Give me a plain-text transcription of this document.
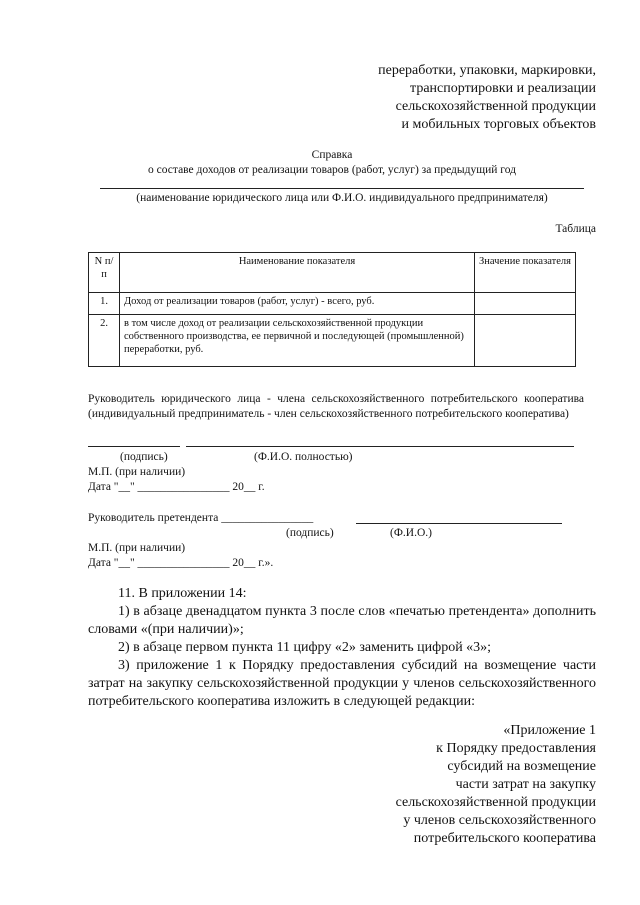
переработки, упаковки, маркировки,
транспортировки и реализации
сельскохозяйственной продукции
и мобильных торговых объектов
Справка
о составе доходов от реализации товаров (работ, услуг) за предыдущий год
(наименование юридического лица или Ф.И.О. индивидуального предпринимателя)
Таблица
N п/п	Наименование показателя	Значение показателя
1.	Доход от реализации товаров (работ, услуг) - всего, руб.	
2.	в том числе доход от реализации сельскохозяйственной продукции собственного производства, ее первичной и последующей (промышленной) переработки, руб.	
Руководитель юридического лица - члена сельскохозяйственного потребительского кооператива (индивидуальный предприниматель - член сельскохозяйственного потребительского кооператива)
(подпись)	(Ф.И.О. полностью)
М.П. (при наличии)
Дата "__" ________________ 20__ г.
Руководитель претендента ________________
(подпись)	(Ф.И.О.)
М.П. (при наличии)
Дата "__" ________________ 20__ г.».
11. В приложении 14:
1) в абзаце двенадцатом пункта 3 после слов «печатью претендента» дополнить словами «(при наличии)»;
2) в абзаце первом пункта 11 цифру «2» заменить цифрой «3»;
3) приложение 1 к Порядку предоставления субсидий на возмещение части затрат на закупку сельскохозяйственной продукции у членов сельскохозяйственного потребительского кооператива изложить в следующей редакции:
«Приложение 1
к Порядку предоставления
субсидий на возмещение
части затрат на закупку
сельскохозяйственной продукции
у членов сельскохозяйственного
потребительского кооператива
